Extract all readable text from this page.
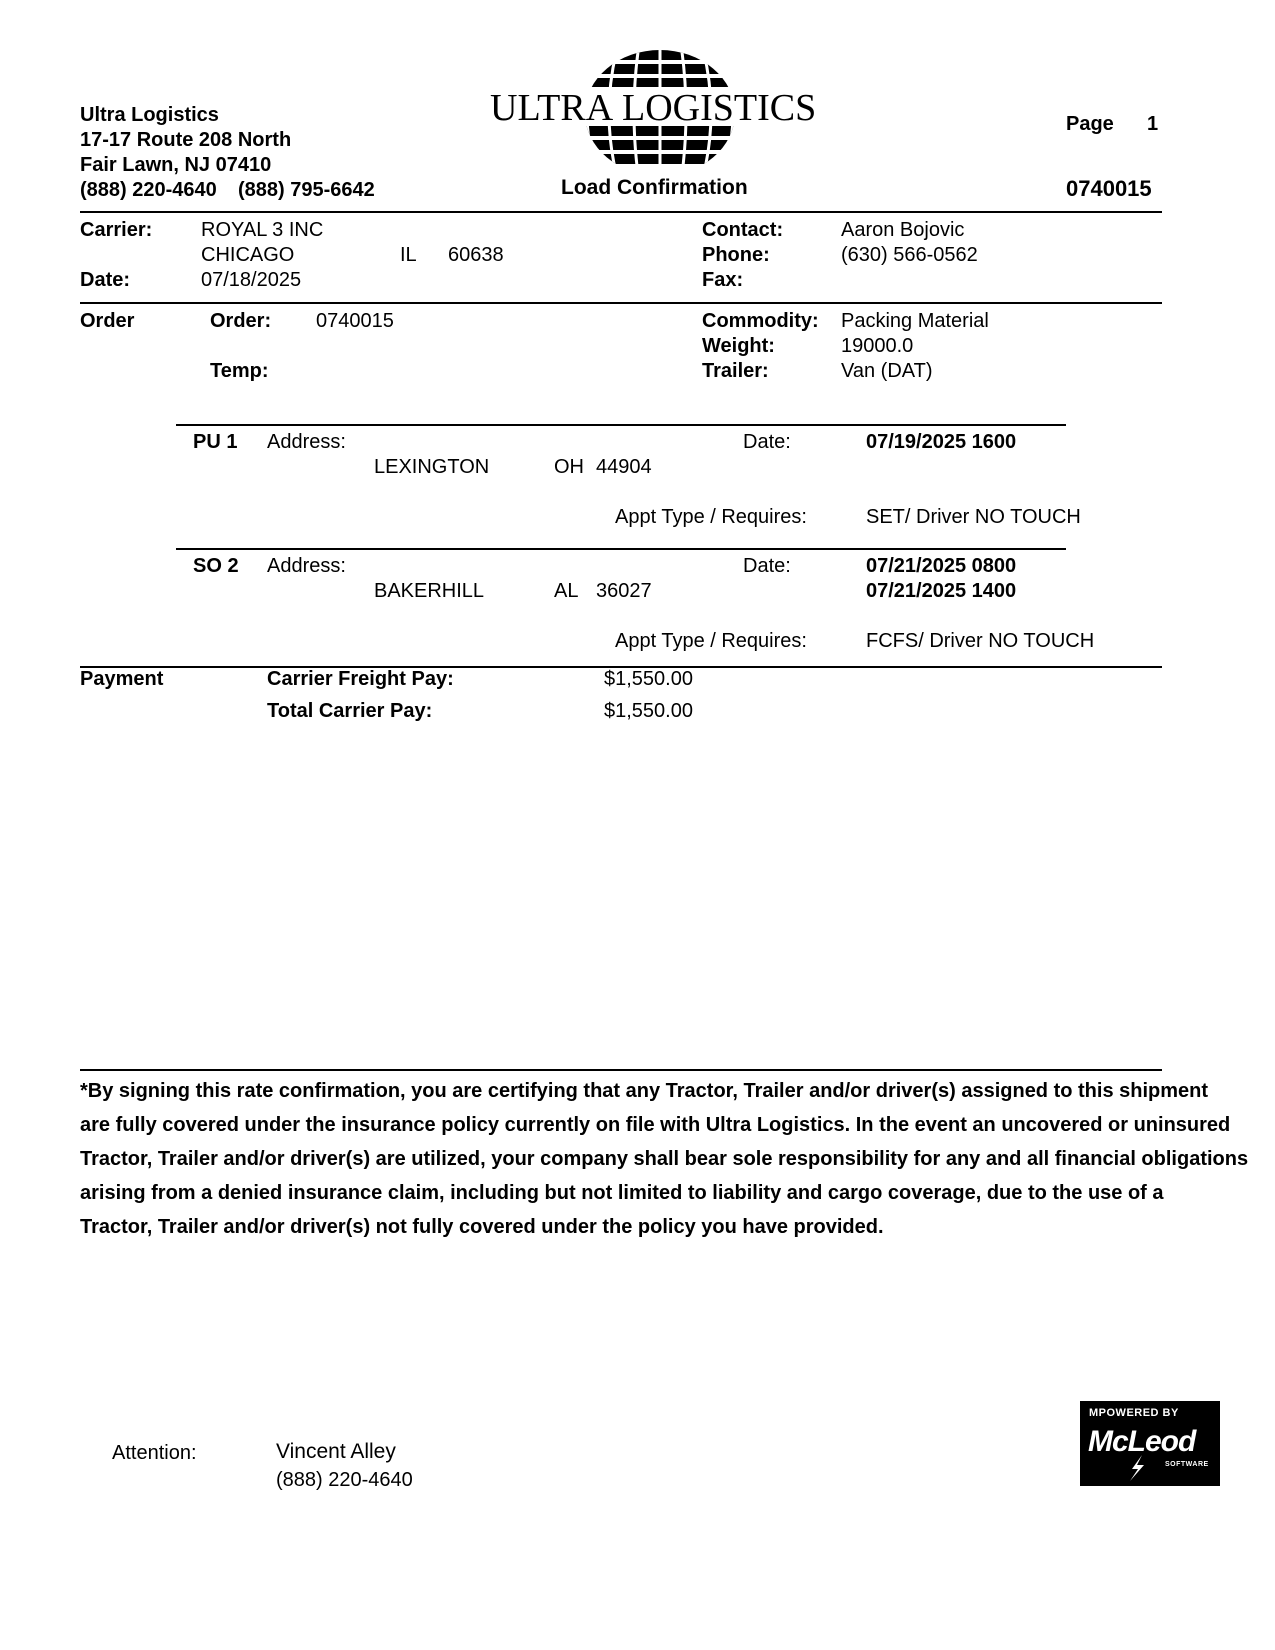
Ultra Logistics
17-17 Route 208 North
Fair Lawn, NJ 07410
(888) 220-4640 (888) 795-6642
ULTRA LOGISTICS
Load Confirmation
Page 1
0740015
Carrier: ROYAL 3 INC
CHICAGO	IL 60638
Date:	07/18/2025
Contact:	Aaron Bojovic
Phone:	(630) 566-0562
Fax:
Order	Order: 0740015
Temp:
Commodity: Packing Material
Weight:	19000.0
Trailer:	Van (DAT)
PU 1 Address:
LEXINGTON	OH 44904
Date:	07/19/2025 1600
Appt Type / Requires:	SET/ Driver NO TOUCH
SO 2 Address:
BAKERHILL	AL 36027
Date:	07/21/2025 0800
07/21/2025 1400
Appt Type / Requires:	FCFS/ Driver NO TOUCH
Payment	Carrier Freight Pay:	$1,550.00
Total Carrier Pay:	$1,550.00
*By signing this rate confirmation, you are certifying that any Tractor, Trailer and/or driver(s) assigned to this shipment
are fully covered under the insurance policy currently on file with Ultra Logistics. In the event an uncovered or uninsured
Tractor, Trailer and/or driver(s) are utilized, your company shall bear sole responsibility for any and all financial obligations
arising from a denied insurance claim, including but not limited to liability and cargo coverage, due to the use of a
Tractor, Trailer and/or driver(s) not fully covered under the policy you have provided.
Attention:	Vincent Alley
(888) 220-4640
MPOWERED BY
McLeod
SOFTWARE
